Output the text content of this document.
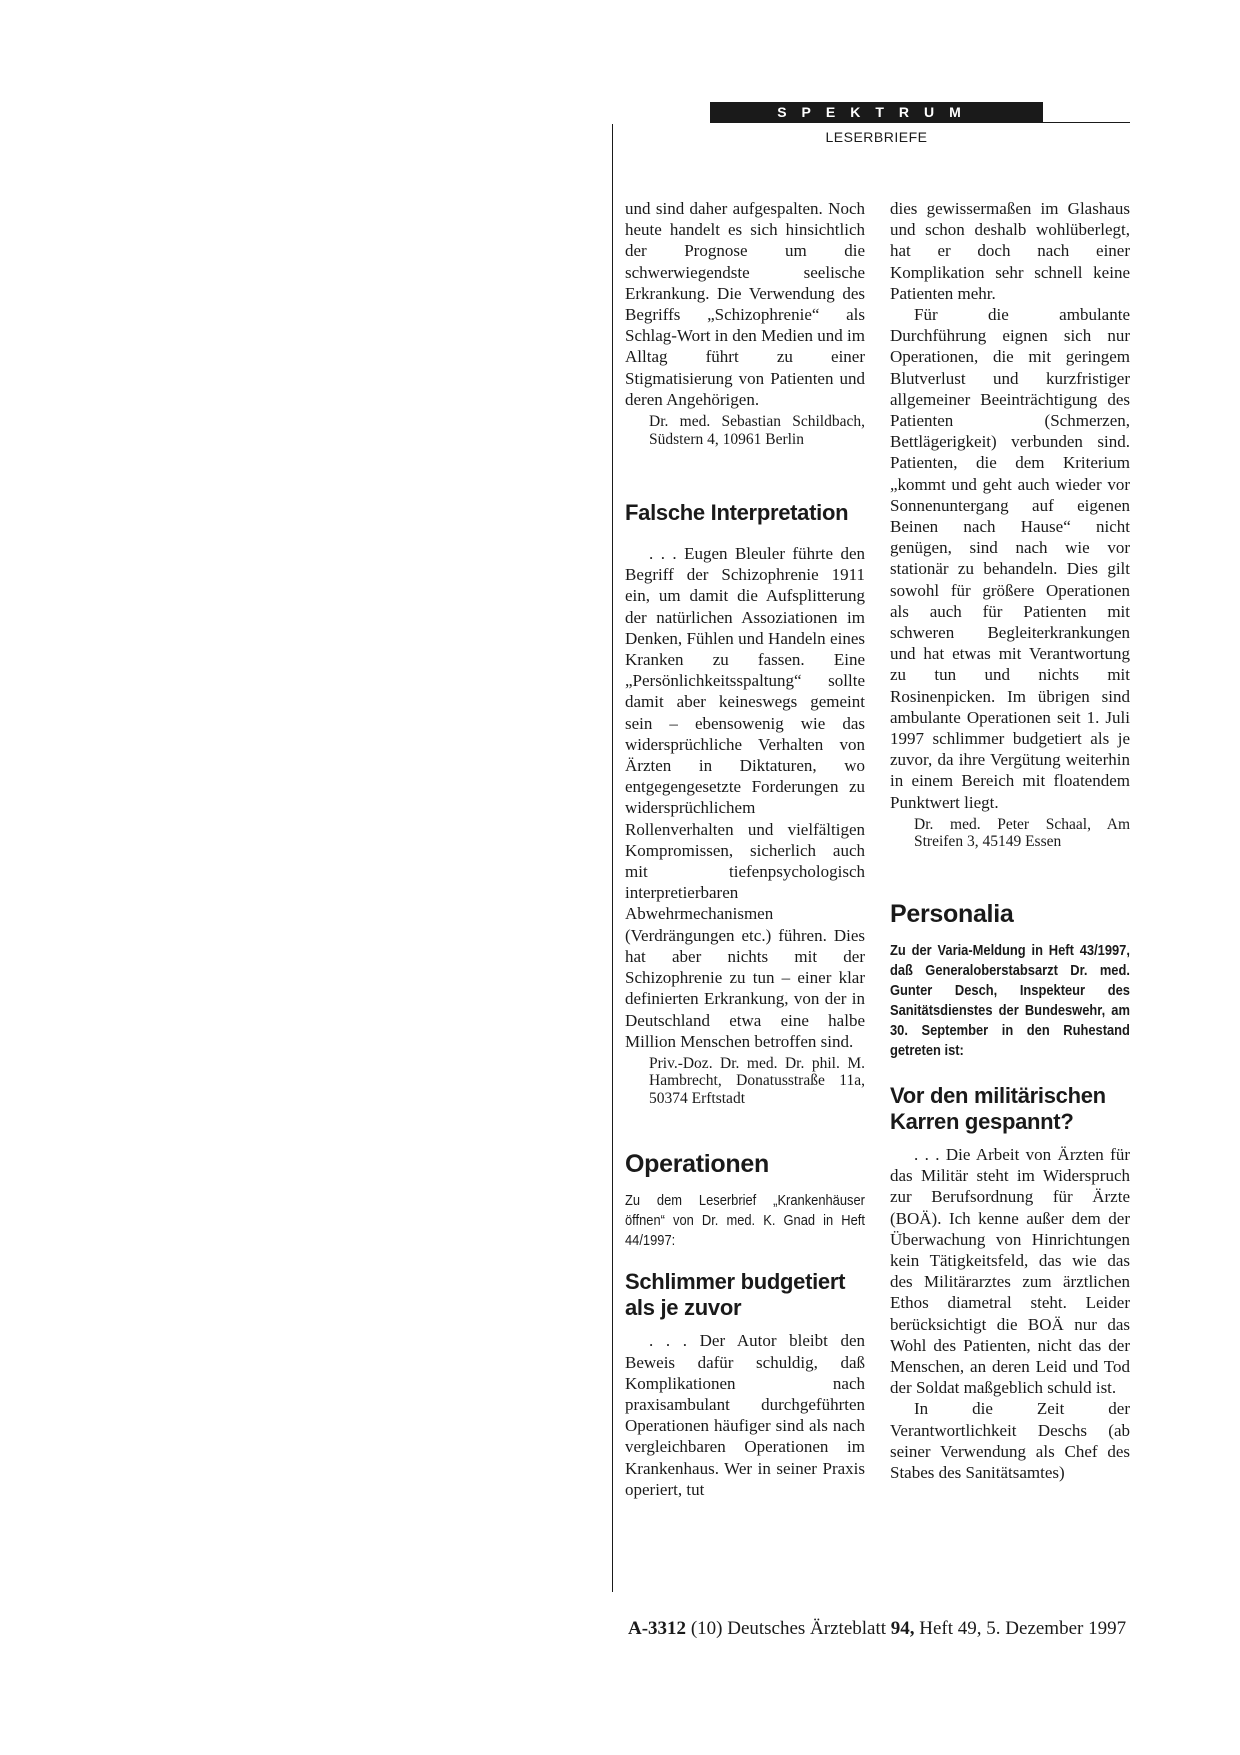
SPEKTRUM
LESERBRIEFE

und sind daher aufgespalten. Noch heute handelt es sich hinsichtlich der Prognose um die schwerwiegendste seelische Erkrankung. Die Verwendung des Begriffs „Schizophrenie“ als Schlag-Wort in den Medien und im Alltag führt zu einer Stigmatisierung von Patienten und deren Angehörigen.

Dr. med. Sebastian Schildbach, Südstern 4, 10961 Berlin

Falsche Interpretation

. . . Eugen Bleuler führte den Begriff der Schizophrenie 1911 ein, um damit die Aufsplitterung der natürlichen Assoziationen im Denken, Fühlen und Handeln eines Kranken zu fassen. Eine „Persönlichkeitsspaltung“ sollte damit aber keineswegs gemeint sein – ebensowenig wie das widersprüchliche Verhalten von Ärzten in Diktaturen, wo entgegengesetzte Forderungen zu widersprüchlichem Rollenverhalten und vielfältigen Kompromissen, sicherlich auch mit tiefenpsychologisch interpretierbaren Abwehrmechanismen (Verdrängungen etc.) führen. Dies hat aber nichts mit der Schizophrenie zu tun – einer klar definierten Erkrankung, von der in Deutschland etwa eine halbe Million Menschen betroffen sind.

Priv.-Doz. Dr. med. Dr. phil. M. Hambrecht, Donatusstraße 11a, 50374 Erftstadt

Operationen

Zu dem Leserbrief „Krankenhäuser öffnen“ von Dr. med. K. Gnad in Heft 44/1997:

Schlimmer budgetiert als je zuvor

. . . Der Autor bleibt den Beweis dafür schuldig, daß Komplikationen nach praxisambulant durchgeführten Operationen häufiger sind als nach vergleichbaren Operationen im Krankenhaus. Wer in seiner Praxis operiert, tut

dies gewissermaßen im Glashaus und schon deshalb wohlüberlegt, hat er doch nach einer Komplikation sehr schnell keine Patienten mehr.

Für die ambulante Durchführung eignen sich nur Operationen, die mit geringem Blutverlust und kurzfristiger allgemeiner Beeinträchtigung des Patienten (Schmerzen, Bettlägerigkeit) verbunden sind. Patienten, die dem Kriterium „kommt und geht auch wieder vor Sonnenuntergang auf eigenen Beinen nach Hause“ nicht genügen, sind nach wie vor stationär zu behandeln. Dies gilt sowohl für größere Operationen als auch für Patienten mit schweren Begleiterkrankungen und hat etwas mit Verantwortung zu tun und nichts mit Rosinenpicken. Im übrigen sind ambulante Operationen seit 1. Juli 1997 schlimmer budgetiert als je zuvor, da ihre Vergütung weiterhin in einem Bereich mit floatendem Punktwert liegt.

Dr. med. Peter Schaal, Am Streifen 3, 45149 Essen

Personalia

Zu der Varia-Meldung in Heft 43/1997, daß Generaloberstabsarzt Dr. med. Gunter Desch, Inspekteur des Sanitätsdienstes der Bundeswehr, am 30. September in den Ruhestand getreten ist:

Vor den militärischen Karren gespannt?

. . . Die Arbeit von Ärzten für das Militär steht im Widerspruch zur Berufsordnung für Ärzte (BOÄ). Ich kenne außer dem der Überwachung von Hinrichtungen kein Tätigkeitsfeld, das wie das des Militärarztes zum ärztlichen Ethos diametral steht. Leider berücksichtigt die BOÄ nur das Wohl des Patienten, nicht das der Menschen, an deren Leid und Tod der Soldat maßgeblich schuld ist.

In die Zeit der Verantwortlichkeit Deschs (ab seiner Verwendung als Chef des Stabes des Sanitätsamtes)

A-3312 (10) Deutsches Ärzteblatt 94, Heft 49, 5. Dezember 1997
